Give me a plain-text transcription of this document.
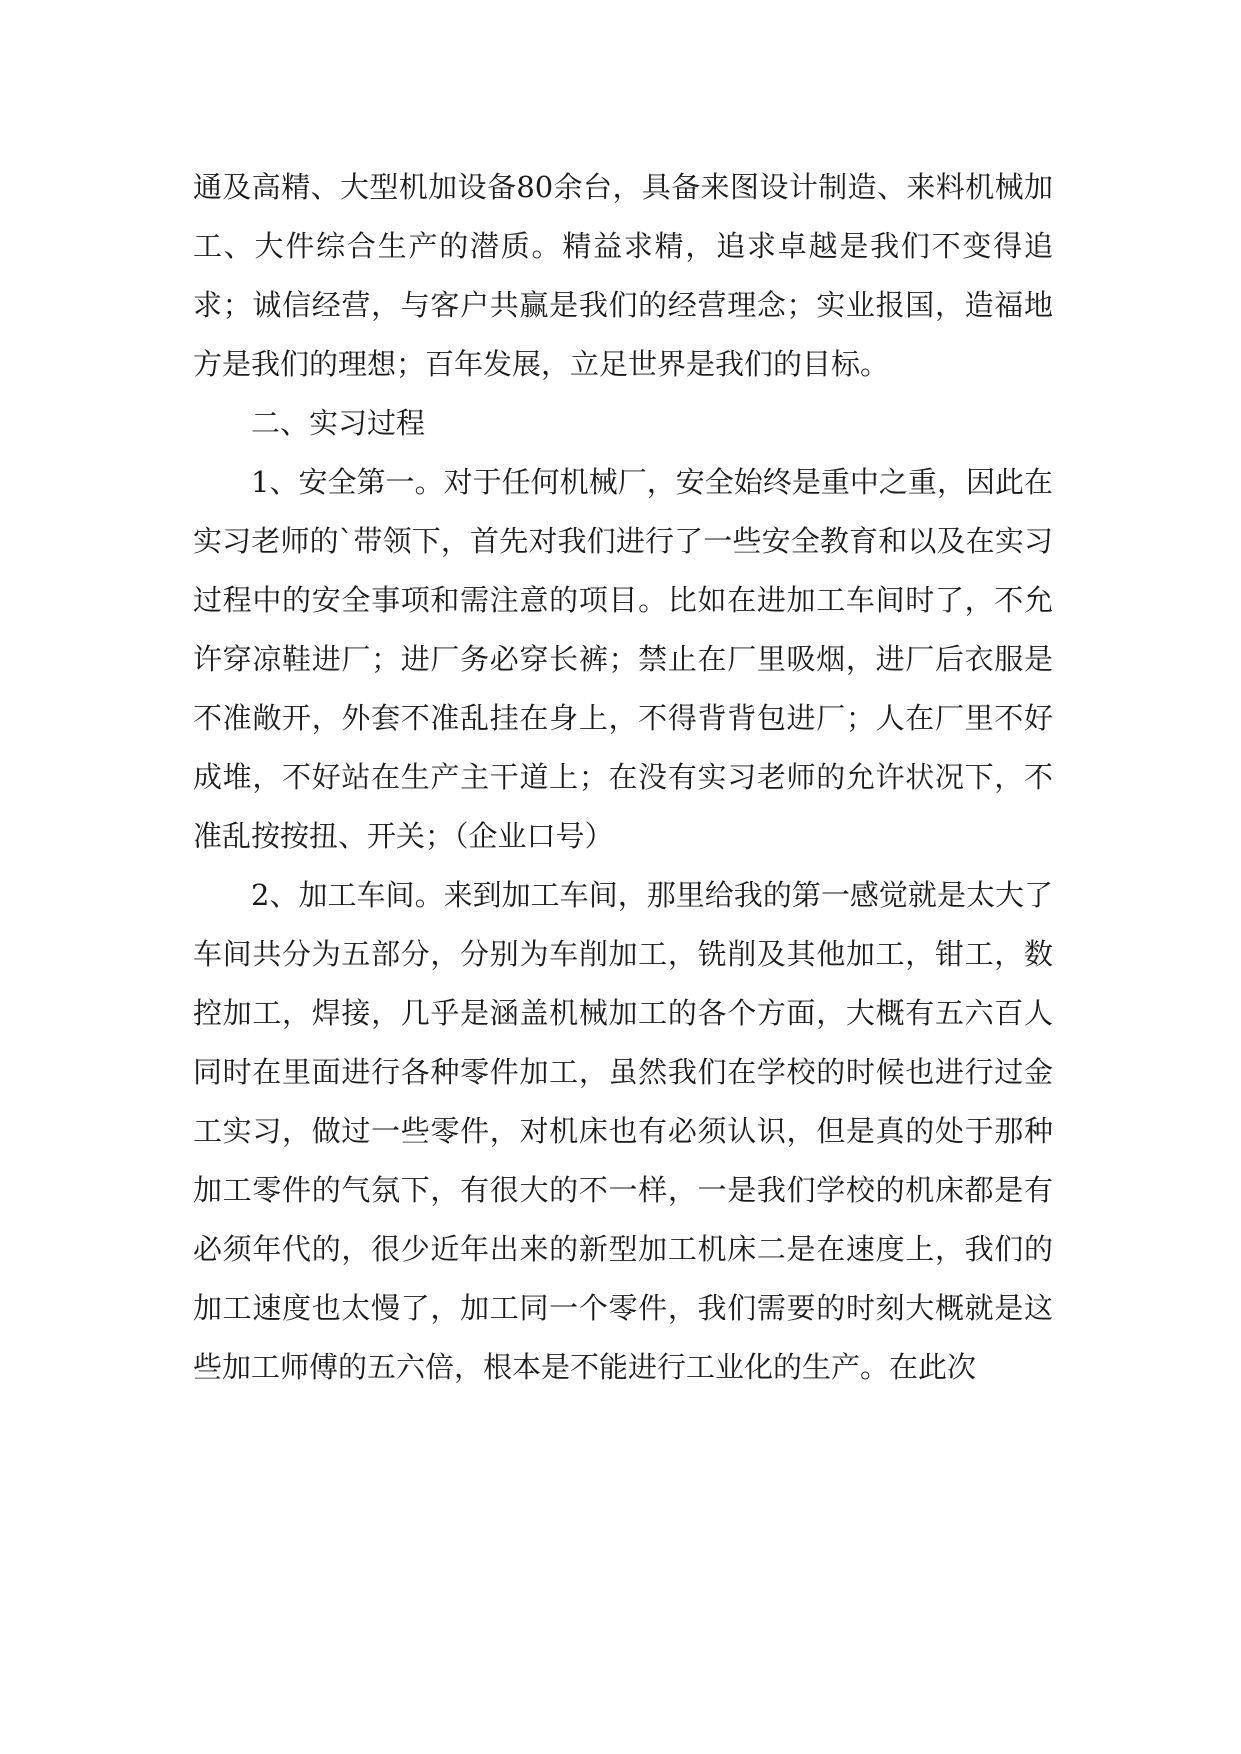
通及高精、大型机加设备80余台，具备来图设计制造、来料机械加工、大件综合生产的潜质。精益求精，追求卓越是我们不变得追求；诚信经营，与客户共赢是我们的经营理念；实业报国，造福地方是我们的理想；百年发展，立足世界是我们的目标。

二、实习过程

1、安全第一。对于任何机械厂，安全始终是重中之重，因此在实习老师的`带领下，首先对我们进行了一些安全教育和以及在实习过程中的安全事项和需注意的项目。比如在进加工车间时了，不允许穿凉鞋进厂；进厂务必穿长裤；禁止在厂里吸烟，进厂后衣服是不准敞开，外套不准乱挂在身上，不得背背包进厂；人在厂里不好成堆，不好站在生产主干道上；在没有实习老师的允许状况下，不准乱按按扭、开关；（企业口号）

2、加工车间。来到加工车间，那里给我的第一感觉就是太大了车间共分为五部分，分别为车削加工，铣削及其他加工，钳工，数控加工，焊接，几乎是涵盖机械加工的各个方面，大概有五六百人同时在里面进行各种零件加工，虽然我们在学校的时候也进行过金工实习，做过一些零件，对机床也有必须认识，但是真的处于那种加工零件的气氛下，有很大的不一样，一是我们学校的机床都是有必须年代的，很少近年出来的新型加工机床二是在速度上，我们的加工速度也太慢了，加工同一个零件，我们需要的时刻大概就是这些加工师傅的五六倍，根本是不能进行工业化的生产。在此次
